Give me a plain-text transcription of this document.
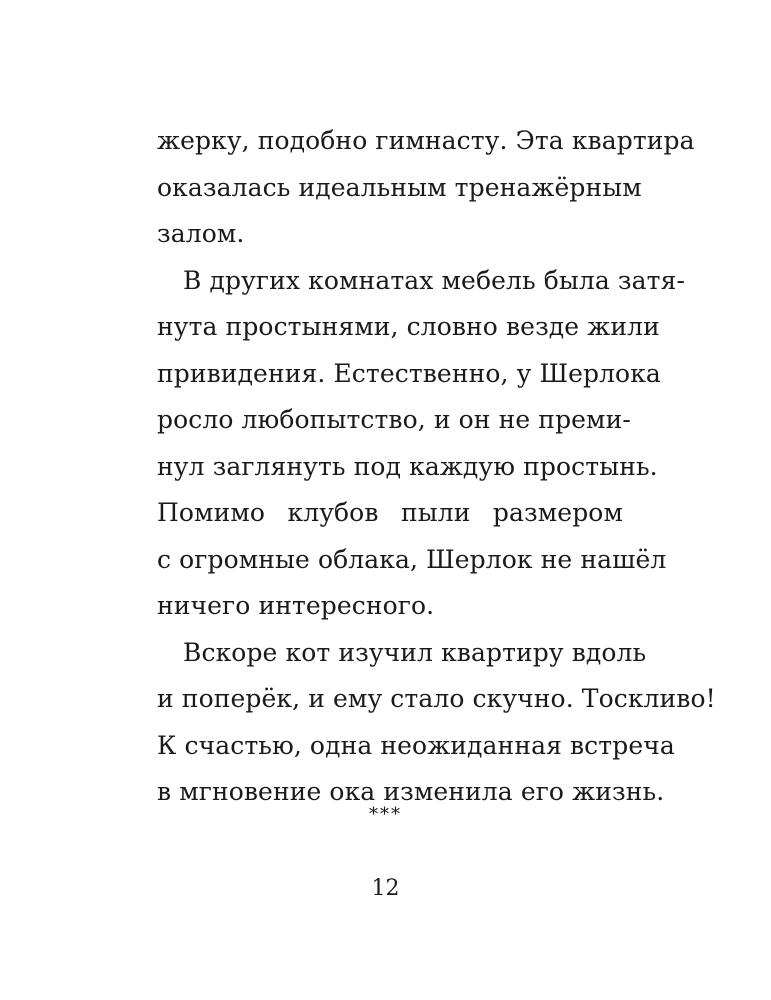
жерку, подобно гимнасту. Эта квартира
оказалась идеальным тренажёрным
залом.
В других комнатах мебель была затя-
нута простынями, словно везде жили
привидения. Естественно, у Шерлока
росло любопытство, и он не преми-
нул заглянуть под каждую простынь.
Помимо клубов пыли размером
с огромные облака, Шерлок не нашёл
ничего интересного.
Вскоре кот изучил квартиру вдоль
и поперёк, и ему стало скучно. Тоскливо!
К счастью, одна неожиданная встреча
в мгновение ока изменила его жизнь.
***
12
